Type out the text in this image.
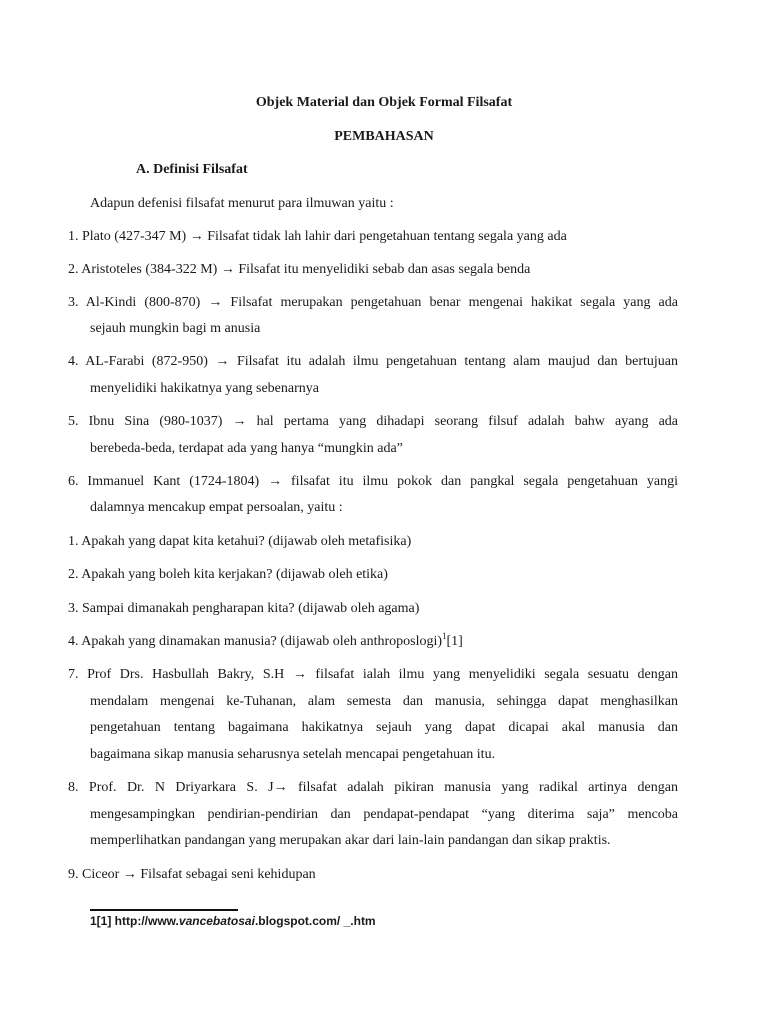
Objek Material dan Objek Formal Filsafat
PEMBAHASAN
A. Definisi Filsafat
Adapun defenisi filsafat menurut para ilmuwan yaitu :
1. Plato (427-347 M) → Filsafat tidak lah lahir dari pengetahuan tentang segala yang ada
2. Aristoteles (384-322 M) → Filsafat itu menyelidiki sebab dan asas segala benda
3. Al-Kindi (800-870) → Filsafat merupakan pengetahuan benar mengenai hakikat segala yang ada
sejauh mungkin bagi m anusia
4. AL-Farabi (872-950) → Filsafat itu adalah ilmu pengetahuan tentang alam maujud dan bertujuan
menyelidiki hakikatnya yang sebenarnya
5. Ibnu Sina (980-1037) → hal pertama yang dihadapi seorang filsuf adalah bahw ayang ada
berebeda-beda, terdapat ada yang hanya “mungkin ada”
6. Immanuel Kant (1724-1804) → filsafat itu ilmu pokok dan pangkal segala pengetahuan yangi
dalamnya mencakup empat persoalan, yaitu :
1. Apakah yang dapat kita ketahui? (dijawab oleh metafisika)
2. Apakah yang boleh kita kerjakan? (dijawab oleh etika)
3. Sampai dimanakah pengharapan kita? (dijawab oleh agama)
4. Apakah yang dinamakan manusia? (dijawab oleh anthroposlogi)$^1$[1]
7. Prof Drs. Hasbullah Bakry, S.H → filsafat ialah ilmu yang menyelidiki segala sesuatu dengan
mendalam mengenai ke-Tuhanan, alam semesta dan manusia, sehingga dapat menghasilkan
pengetahuan tentang bagaimana hakikatnya sejauh yang dapat dicapai akal manusia dan
bagaimana sikap manusia seharusnya setelah mencapai pengetahuan itu.
8. Prof. Dr. N Driyarkara S. J→ filsafat adalah pikiran manusia yang radikal artinya dengan
mengesampingkan pendirian-pendirian dan pendapat-pendapat “yang diterima saja” mencoba
memperlihatkan pandangan yang merupakan akar dari lain-lain pandangan dan sikap praktis.
9. Ciceor → Filsafat sebagai seni kehidupan
1[1] http://www.vancebatosai.blogspot.com/ _.htm
